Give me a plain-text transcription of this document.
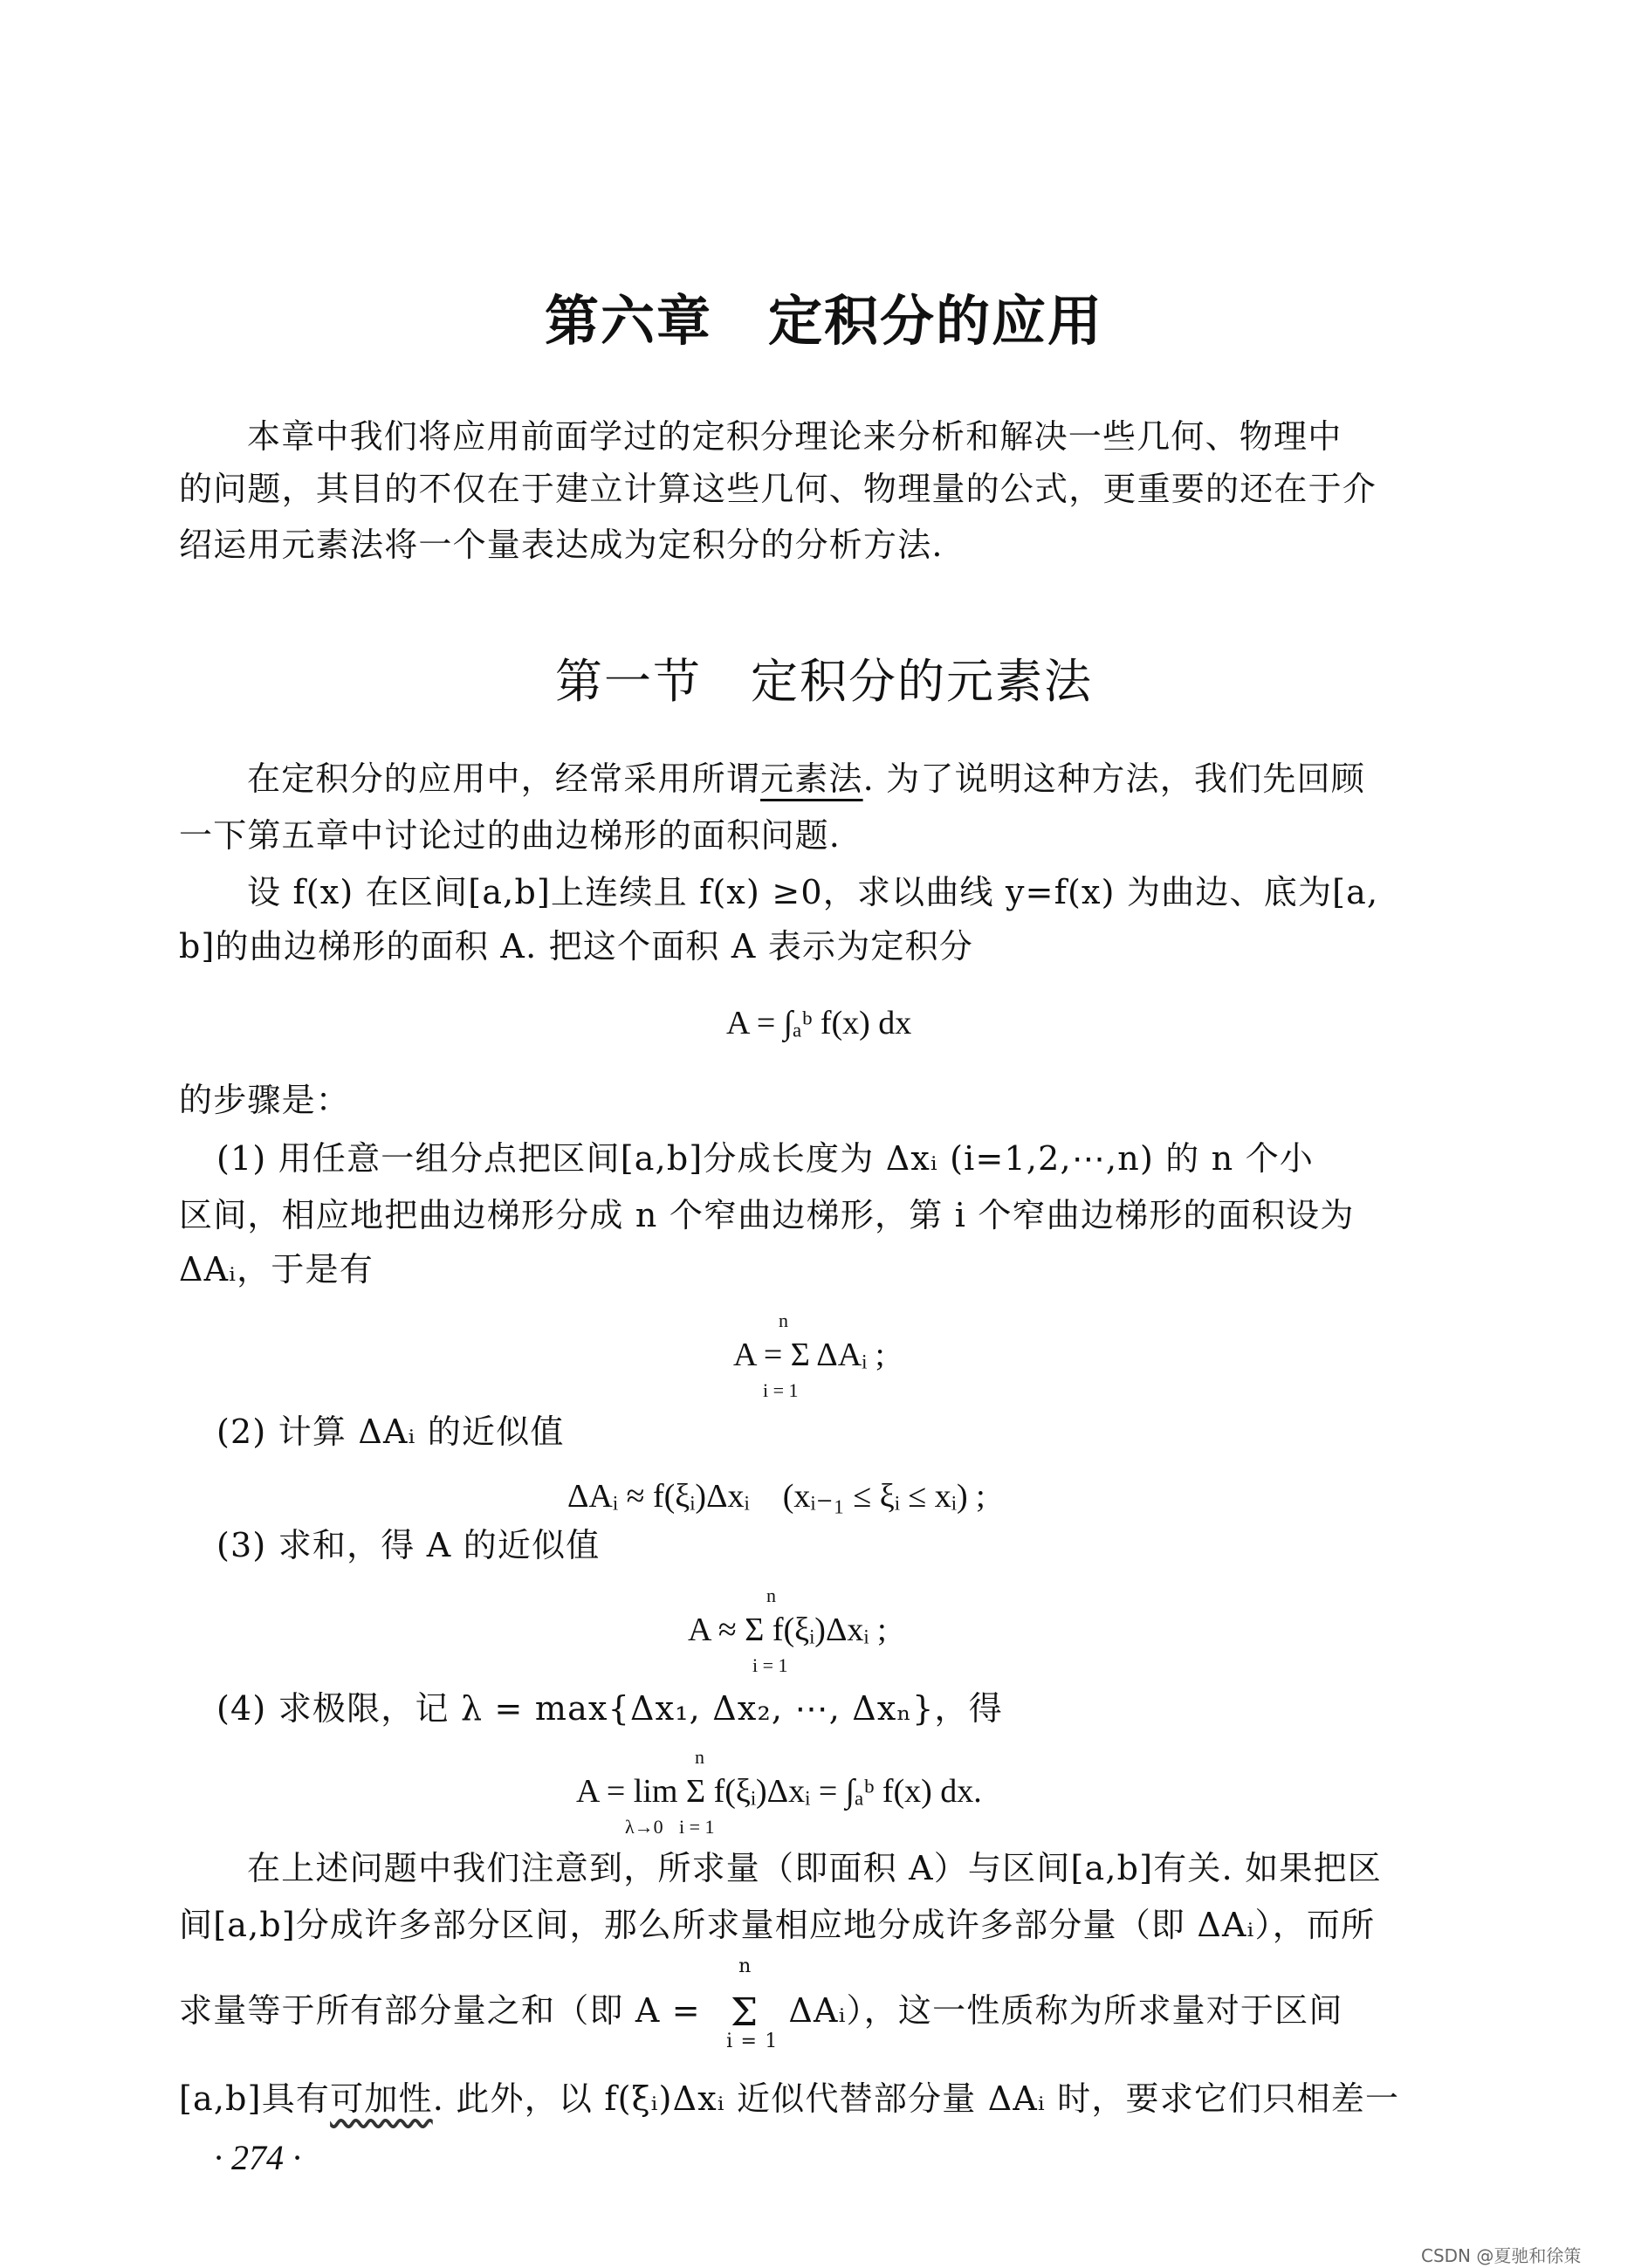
第六章　定积分的应用
本章中我们将应用前面学过的定积分理论来分析和解决一些几何、物理中
的问题，其目的不仅在于建立计算这些几何、物理量的公式，更重要的还在于介
绍运用元素法将一个量表达成为定积分的分析方法.
第一节　定积分的元素法
在定积分的应用中，经常采用所谓元素法. 为了说明这种方法，我们先回顾
一下第五章中讨论过的曲边梯形的面积问题.
设 f(x) 在区间[a,b]上连续且 f(x) ≥0，求以曲线 y=f(x) 为曲边、底为[a,
b]的曲边梯形的面积 A. 把这个面积 A 表示为定积分
A = ∫ₐᵇ f(x) dx
的步骤是：
(1) 用任意一组分点把区间[a,b]分成长度为 Δxᵢ (i=1,2,⋯,n) 的 n 个小
区间，相应地把曲边梯形分成 n 个窄曲边梯形，第 i 个窄曲边梯形的面积设为
ΔAᵢ，于是有
A = Σ ΔAᵢ ;
n
i = 1
(2) 计算 ΔAᵢ 的近似值
ΔAᵢ ≈ f(ξᵢ)Δxᵢ　(xᵢ₋₁ ≤ ξᵢ ≤ xᵢ) ;
(3) 求和，得 A 的近似值
A ≈ Σ f(ξᵢ)Δxᵢ ;
n
i = 1
(4) 求极限，记 λ = max{Δx₁, Δx₂, ⋯, Δxₙ}，得
A = lim Σ f(ξᵢ)Δxᵢ = ∫ₐᵇ f(x) dx.
n
i = 1
λ→0
在上述问题中我们注意到，所求量（即面积 A）与区间[a,b]有关. 如果把区
间[a,b]分成许多部分区间，那么所求量相应地分成许多部分量（即 ΔAᵢ），而所
求量等于所有部分量之和（即 A =
n
Σ
i = 1
ΔAᵢ），这一性质称为所求量对于区间
[a,b]具有可加性. 此外，以 f(ξᵢ)Δxᵢ 近似代替部分量 ΔAᵢ 时，要求它们只相差一
· 274 ·
CSDN @夏驰和徐策
